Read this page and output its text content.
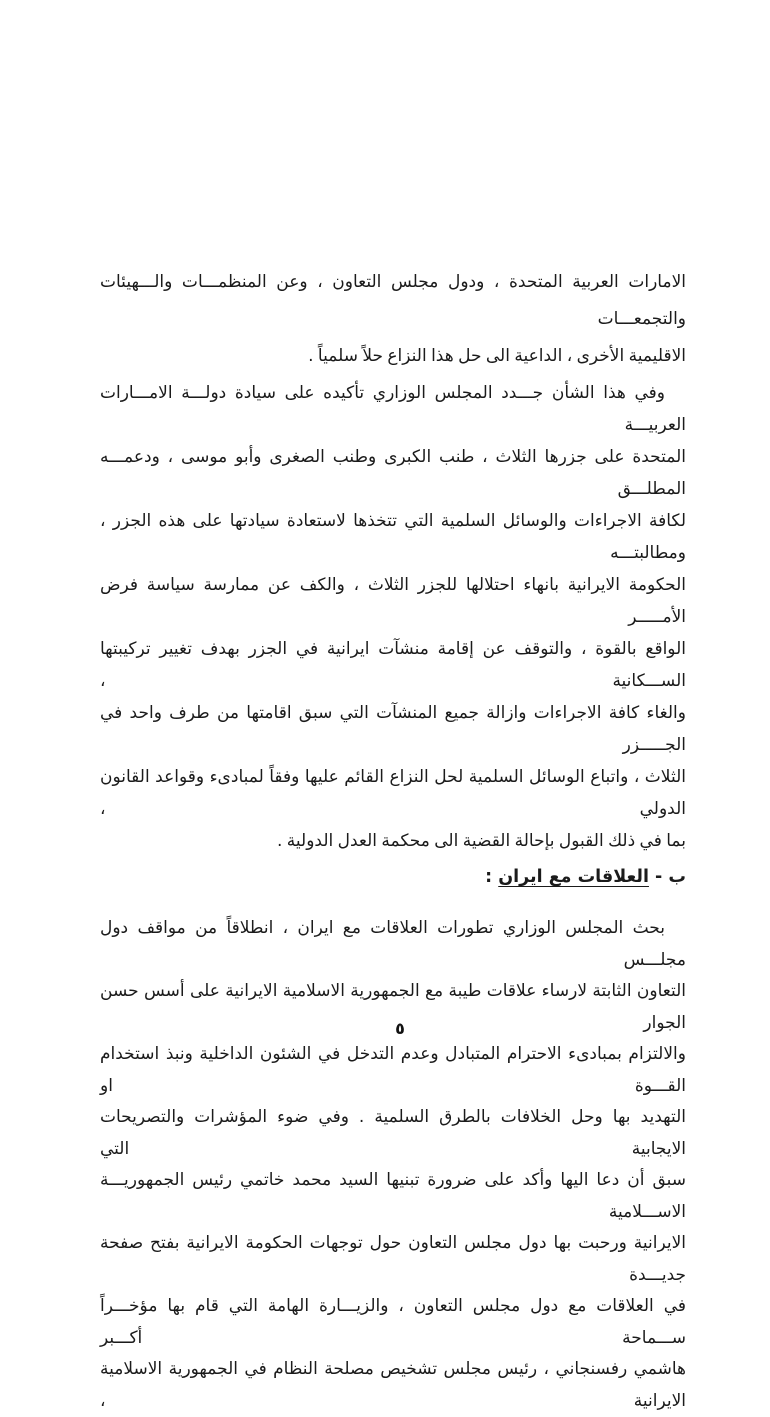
الامارات العربية المتحدة ، ودول مجلس التعاون ، وعن المنظمـــات والـــهيئات والتجمعـــات
الاقليمية الأخرى ، الداعية الى حل هذا النزاع حلاً سلمياً .
وفي هذا الشأن جـــدد المجلس الوزاري تأكيده على سيادة دولـــة الامـــارات العربيـــة
المتحدة على جزرها الثلاث ، طنب الكبرى وطنب الصغرى وأبو موسى ، ودعمـــه المطلـــق
لكافة الاجراءات والوسائل السلمية التي تتخذها لاستعادة سيادتها على هذه الجزر ، ومطالبتـــه
الحكومة الايرانية بانهاء احتلالها للجزر الثلاث ، والكف عن ممارسة سياسة فرض الأمـــــر
الواقع بالقوة ، والتوقف عن إقامة منشآت ايرانية في الجزر بهدف تغيير تركيبتها الســـكانية ،
والغاء كافة الاجراءات وازالة جميع المنشآت التي سبق اقامتها من طرف واحد في الجـــــزر
الثلاث ، واتباع الوسائل السلمية لحل النزاع القائم عليها وفقاً لمبادىء وقواعد القانون الدولي ،
بما في ذلك القبول بإحالة القضية الى محكمة العدل الدولية .
ب - العلاقات مع ايران :
بحث المجلس الوزاري تطورات العلاقات مع ايران ، انطلاقاً من مواقف دول مجلـــس
التعاون الثابتة لارساء علاقات طيبة مع الجمهورية الاسلامية الايرانية على أسس حسن الجوار
والالتزام بمبادىء الاحترام المتبادل وعدم التدخل في الشئون الداخلية ونبذ استخدام القـــوة او
التهديد بها وحل الخلافات بالطرق السلمية . وفي ضوء المؤشرات والتصريحات الايجابية التي
سبق أن دعا اليها وأكد على ضرورة تبنيها السيد محمد خاتمي رئيس الجمهوريـــة الاســـلامية
الايرانية ورحبت بها دول مجلس التعاون حول توجهات الحكومة الايرانية بفتح صفحة جديـــدة
في العلاقات مع دول مجلس التعاون ، والزيـــارة الهامة التي قام بها مؤخـــراً ســـماحة أكـــبر
هاشمي رفسنجاني ، رئيس مجلس تشخيص مصلحة النظام في الجمهورية الاسلامية الايرانية ،
٥
